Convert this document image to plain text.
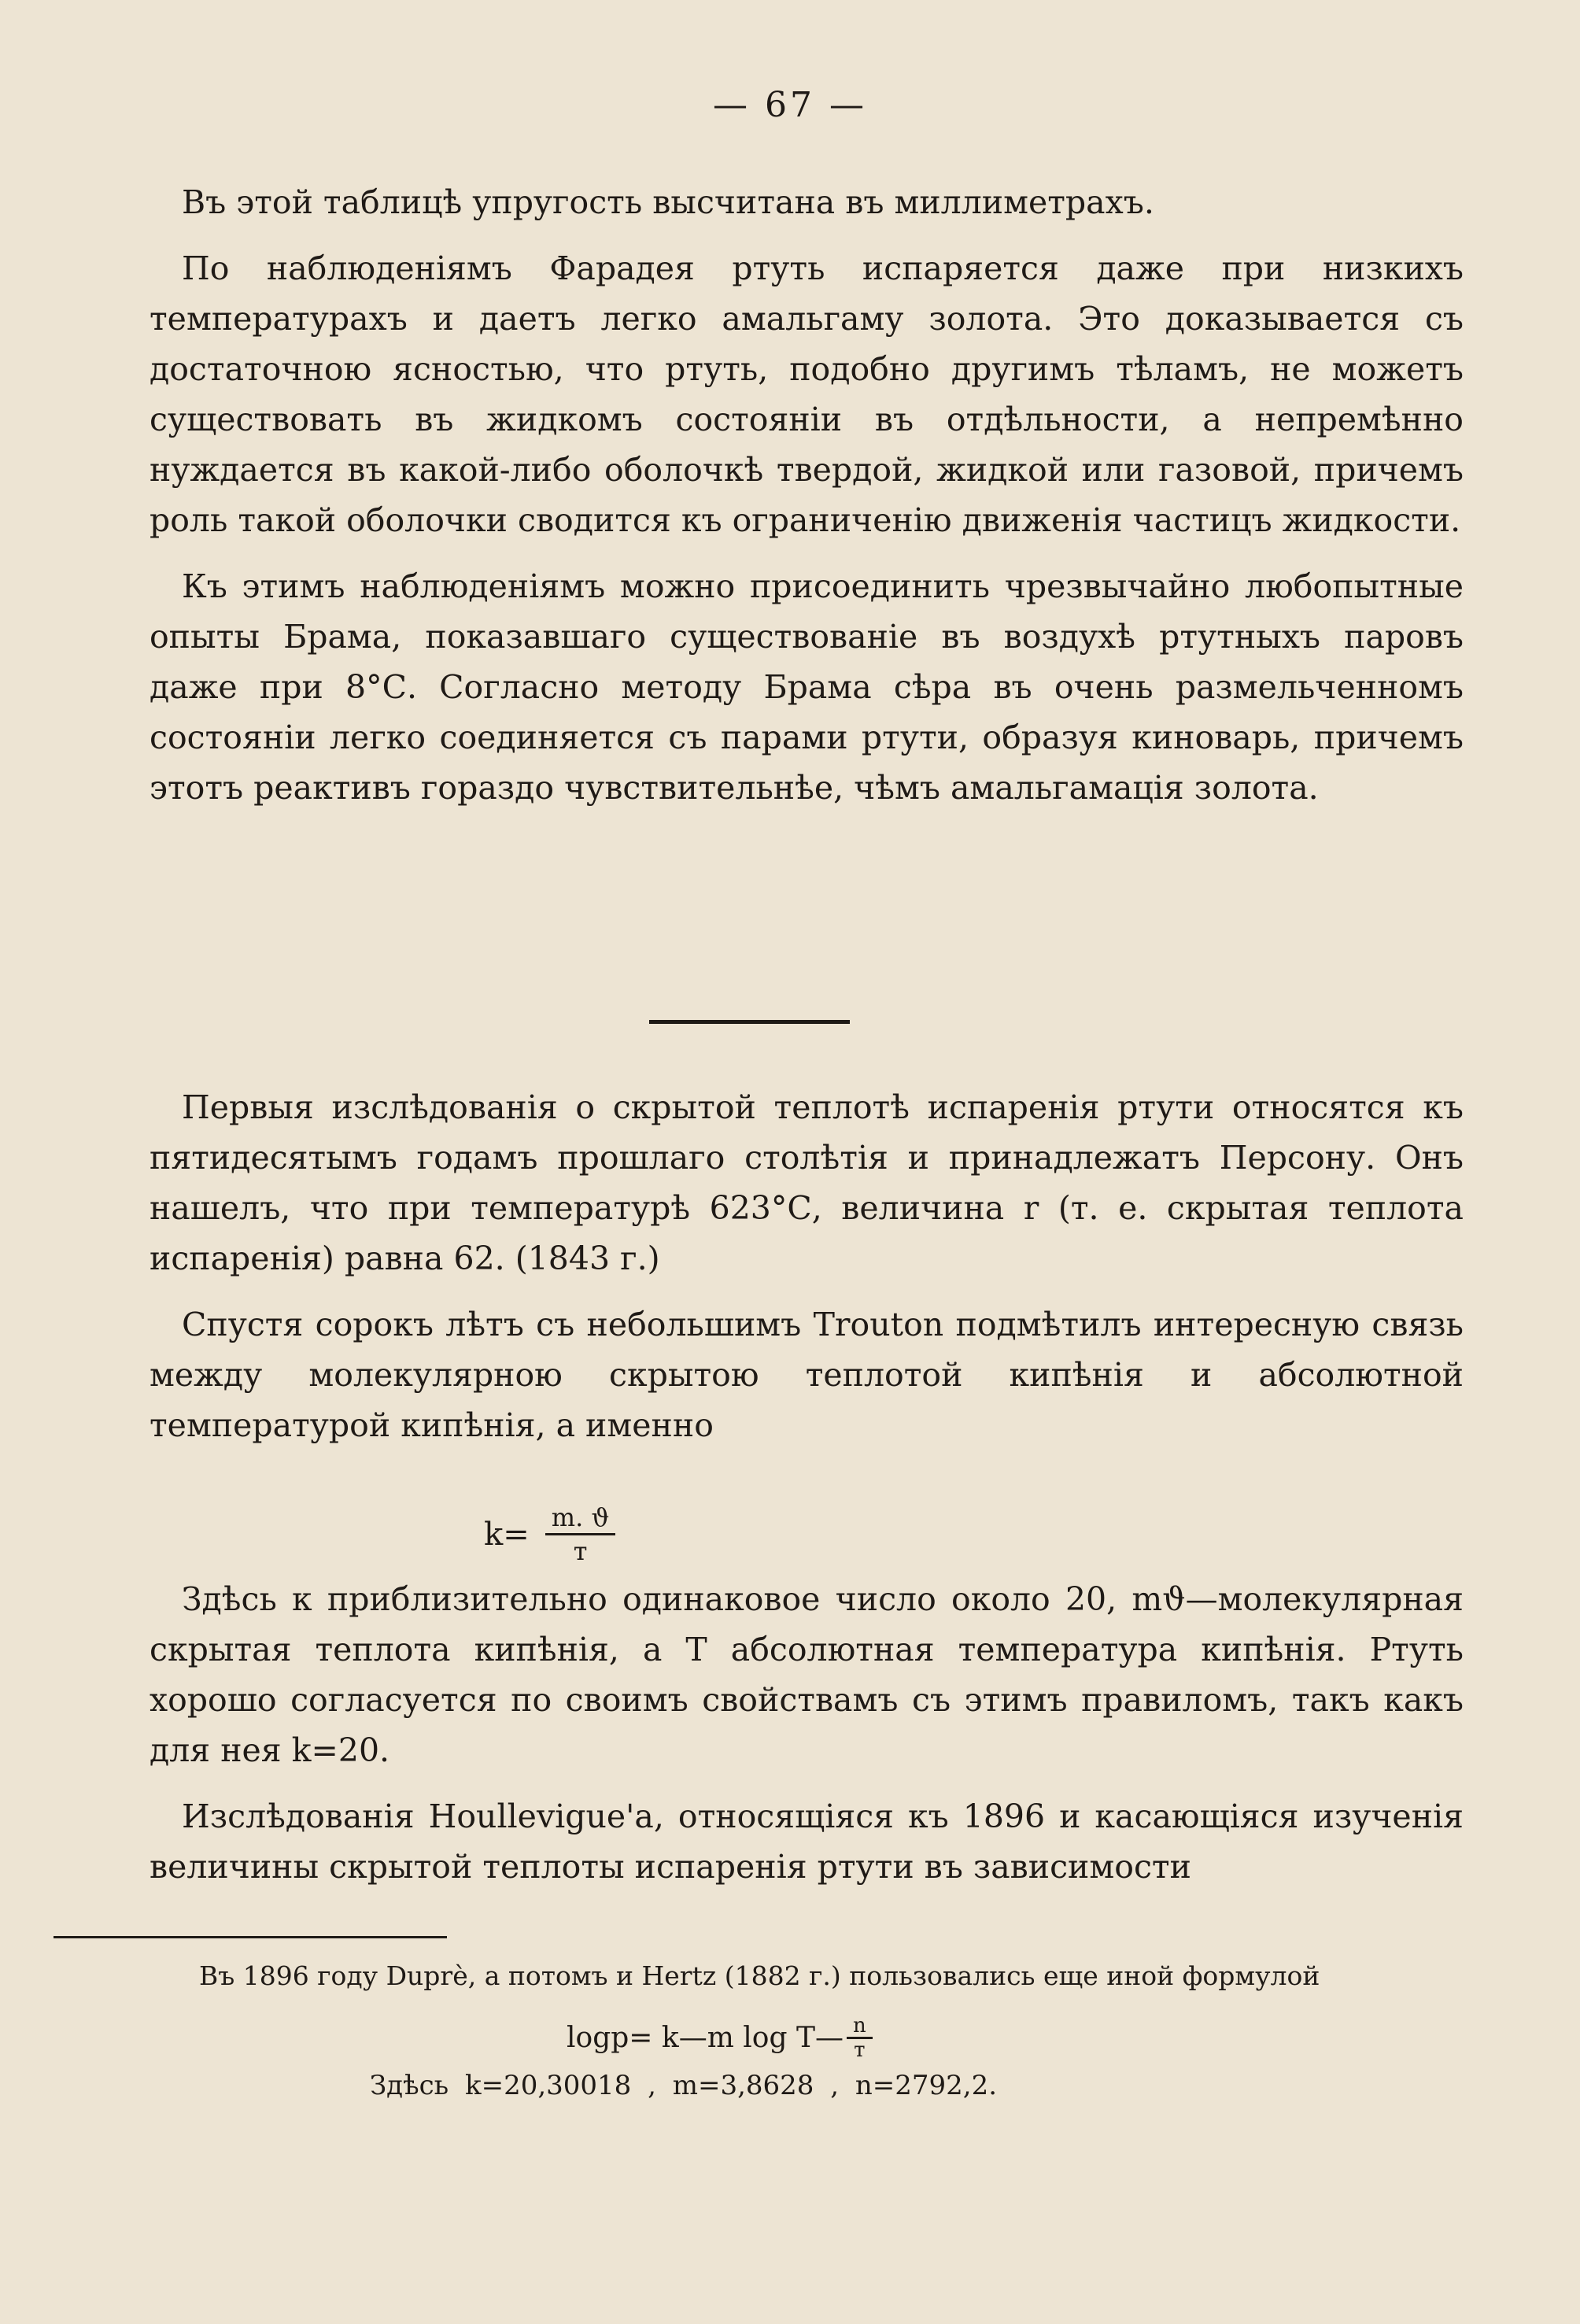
— 67 —

Въ этой таблицѣ упругость высчитана въ миллиметрахъ.

По наблюденіямъ Фарадея ртуть испаряется даже при низкихъ температурахъ и даетъ легко амальгаму золота. Это доказывается съ достаточною ясностью, что ртуть, подобно другимъ тѣламъ, не можетъ существовать въ жидкомъ состояніи въ отдѣльности, а непремѣнно нуждается въ какой-либо оболочкѣ твердой, жидкой или газовой, причемъ роль такой оболочки сводится къ ограниченію движенія частицъ жидкости.

Къ этимъ наблюденіямъ можно присоединить чрезвычайно любопытные опыты Брама, показавшаго существованіе въ воздухѣ ртутныхъ паровъ даже при 8°С. Согласно методу Брама сѣра въ очень размельченномъ состояніи легко соединяется съ парами ртути, образуя киноварь, причемъ этотъ реактивъ гораздо чувствительнѣе, чѣмъ амальгамація золота.

Первыя изслѣдованія о скрытой теплотѣ испаренія ртути относятся къ пятидесятымъ годамъ прошлаго столѣтія и принадлежатъ Персону. Онъ нашелъ, что при температурѣ 623°С, величина r (т. е. скрытая теплота испаренія) равна 62. (1843 г.)

Спустя сорокъ лѣтъ съ небольшимъ Trouton подмѣтилъ интересную связь между молекулярною скрытою теплотой кипѣнія и абсолютной температурой кипѣнія, а именно

$k= \frac{m. ϑ}{т}$

Здѣсь к приблизительно одинаковое число около 20, mϑ—молекулярная скрытая теплота кипѣнія, а Т абсолютная температура кипѣнія. Ртуть хорошо согласуется по своимъ свойствамъ съ этимъ правиломъ, такъ какъ для нея k=20.

Изслѣдованія Houllevigue'а, относящіяся къ 1896 и касающіяся изученія величины скрытой теплоты испаренія ртути въ зависимости

Въ 1896 году Duprè, а потомъ и Hertz (1882 г.) пользовались еще иной формулой
logp= k—m log T— $\frac{n}{т}$
Здѣсь k=20,30018 , m=3,8628 , n=2792,2.
